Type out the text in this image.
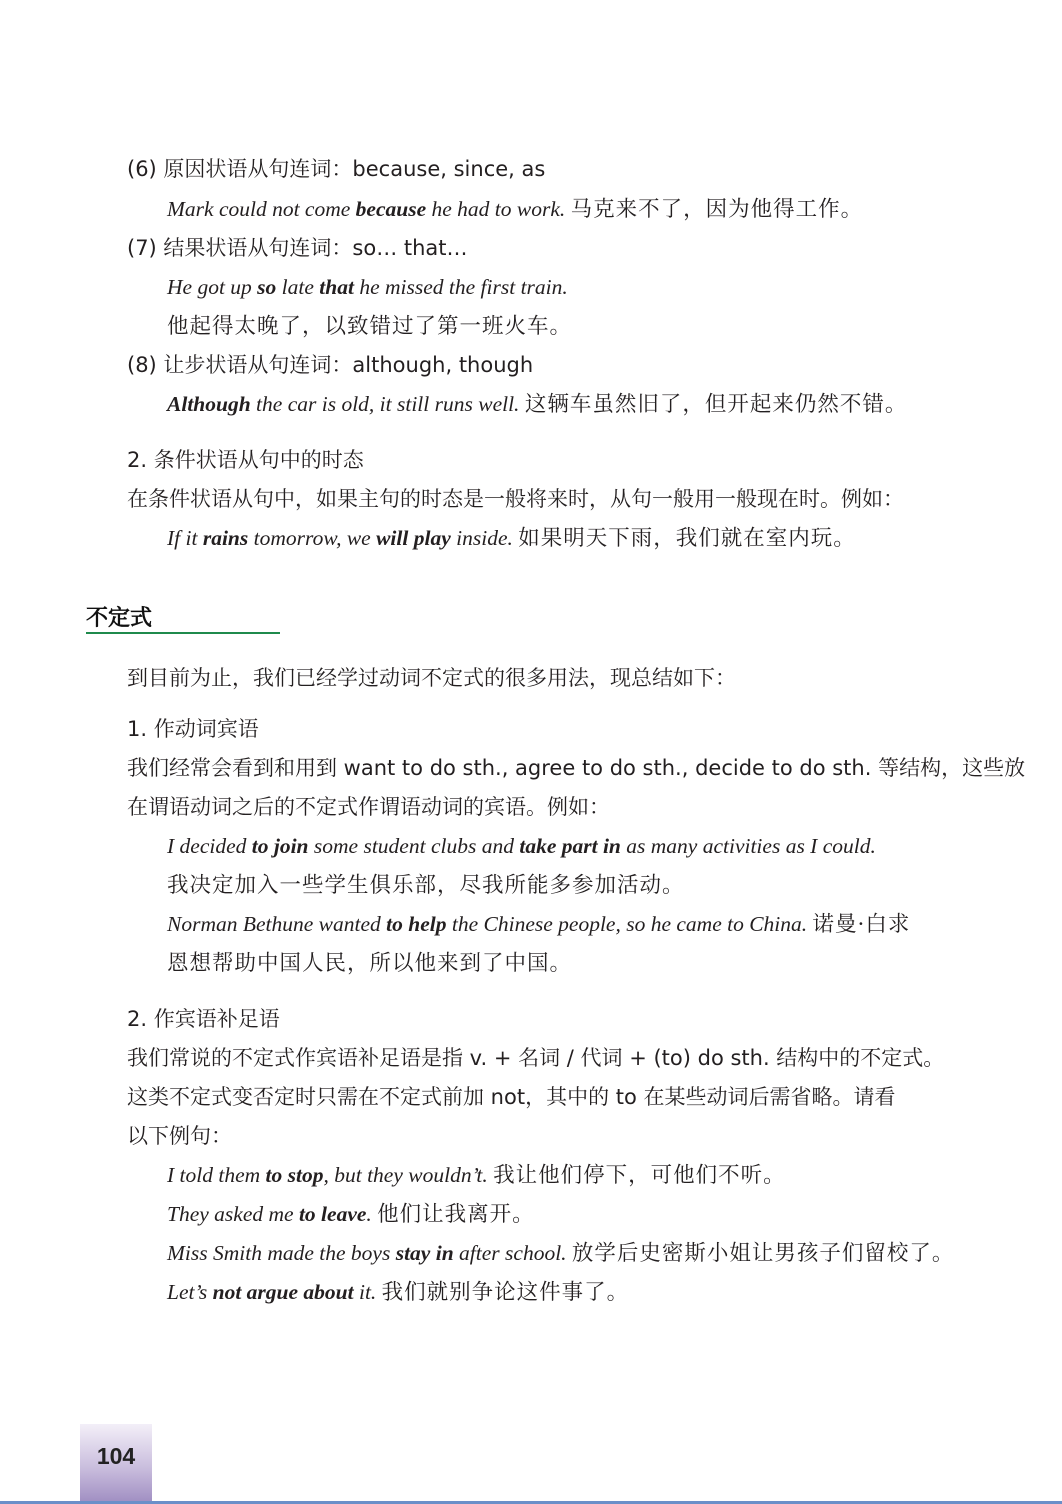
(6) 原因状语从句连词：because, since, as
Mark could not come because he had to work. 马克来不了，因为他得工作。
(7) 结果状语从句连词：so… that…
He got up so late that he missed the first train.
他起得太晚了，以致错过了第一班火车。
(8) 让步状语从句连词：although, though
Although the car is old, it still runs well. 这辆车虽然旧了，但开起来仍然不错。
2. 条件状语从句中的时态
在条件状语从句中，如果主句的时态是一般将来时，从句一般用一般现在时。例如：
If it rains tomorrow, we will play inside. 如果明天下雨，我们就在室内玩。
不定式
到目前为止，我们已经学过动词不定式的很多用法，现总结如下：
1. 作动词宾语
我们经常会看到和用到 want to do sth., agree to do sth., decide to do sth. 等结构，这些放
在谓语动词之后的不定式作谓语动词的宾语。例如：
I decided to join some student clubs and take part in as many activities as I could.
我决定加入一些学生俱乐部，尽我所能多参加活动。
Norman Bethune wanted to help the Chinese people, so he came to China. 诺曼·白求
恩想帮助中国人民，所以他来到了中国。
2. 作宾语补足语
我们常说的不定式作宾语补足语是指 v. + 名词 / 代词 + (to) do sth. 结构中的不定式。
这类不定式变否定时只需在不定式前加 not，其中的 to 在某些动词后需省略。请看
以下例句：
I told them to stop, but they wouldn’t. 我让他们停下，可他们不听。
They asked me to leave. 他们让我离开。
Miss Smith made the boys stay in after school. 放学后史密斯小姐让男孩子们留校了。
Let’s not argue about it. 我们就别争论这件事了。
104
